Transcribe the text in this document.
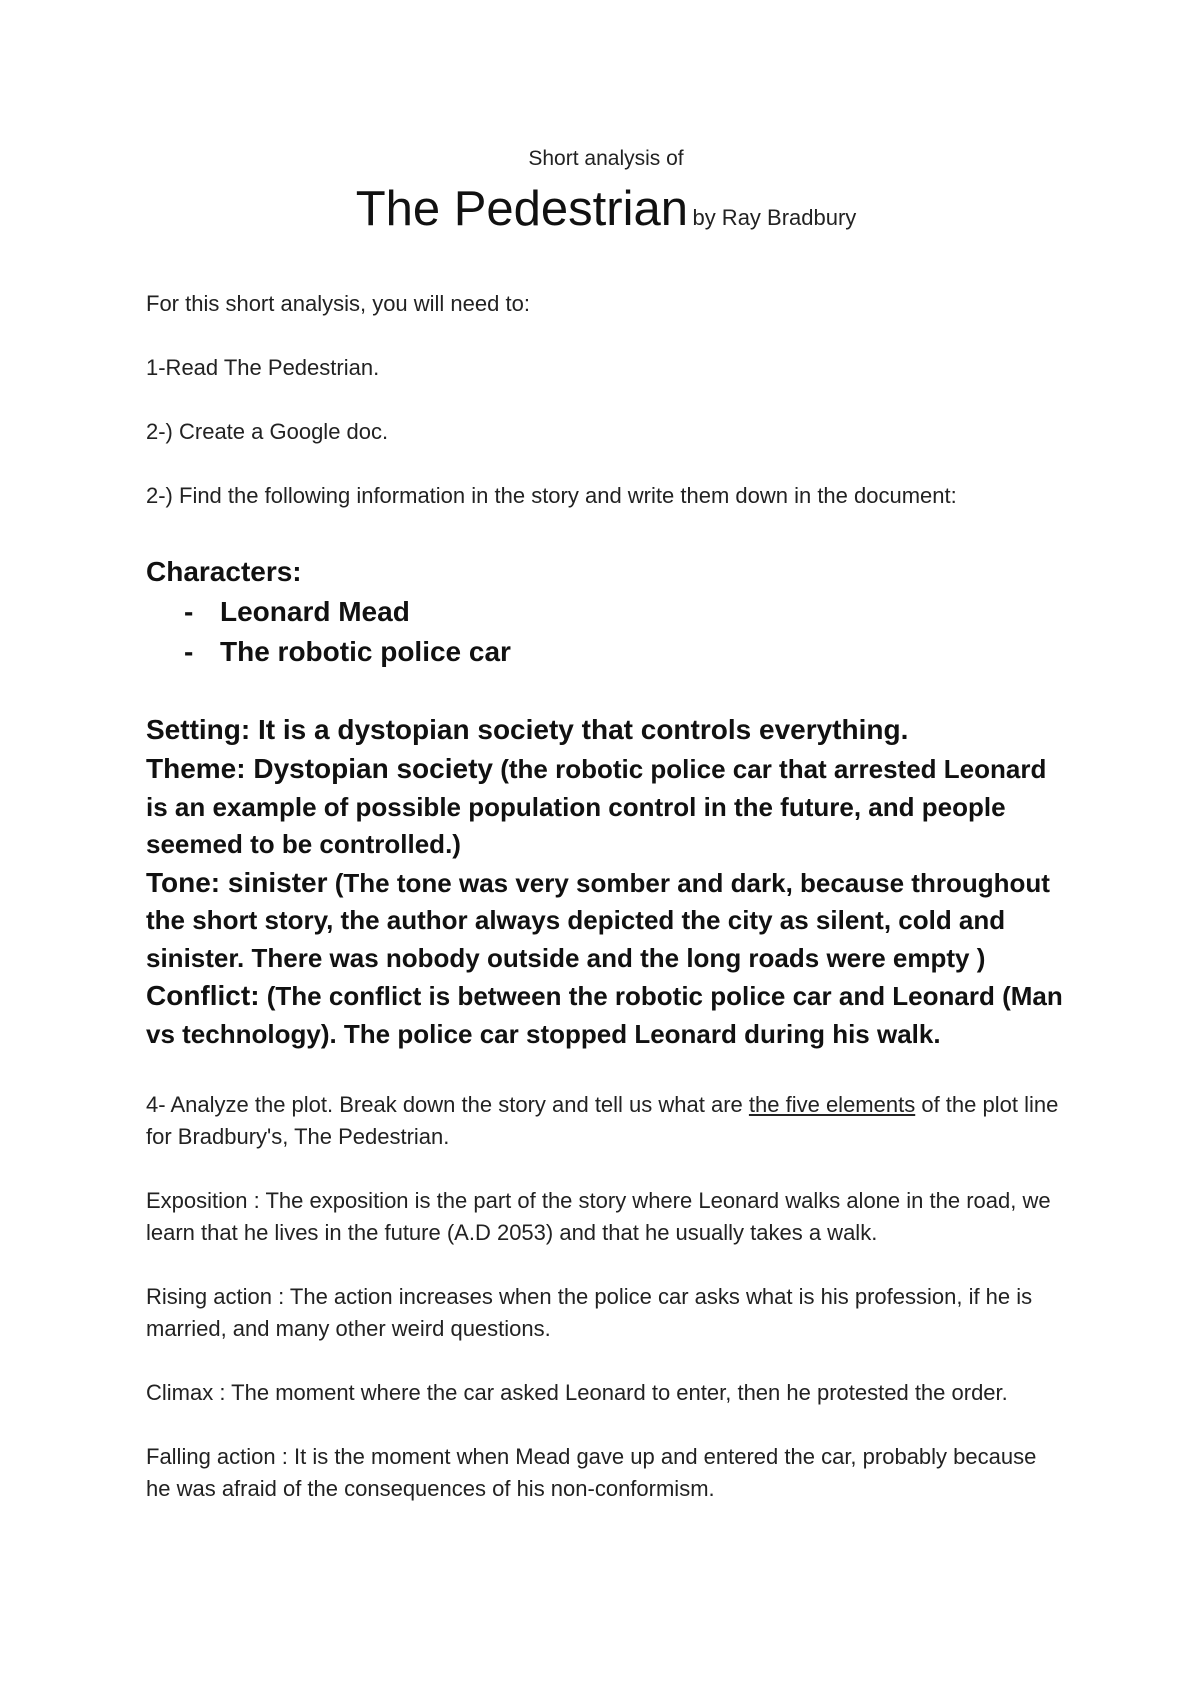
Short analysis of

The Pedestrian by Ray Bradbury

For this short analysis, you will need to:

1-Read The Pedestrian.

2-) Create a Google doc.

2-) Find the following information in the story and write them down in the document:

Characters:
- Leonard Mead
- The robotic police car

Setting: It is a dystopian society that controls everything.

Theme: Dystopian society (the robotic police car that arrested Leonard is an example of possible population control in the future, and people seemed to be controlled.)

Tone: sinister (The tone was very somber and dark, because throughout the short story, the author always depicted the city as silent, cold and sinister. There was nobody outside and the long roads were empty )

Conflict: (The conflict is between the robotic police car and Leonard (Man vs technology). The police car stopped Leonard during his walk.

4- Analyze the plot. Break down the story and tell us what are the five elements of the plot line for Bradbury's, The Pedestrian.

Exposition : The exposition is the part of the story where Leonard walks alone in the road, we learn that he lives in the future (A.D 2053) and that he usually takes a walk.

Rising action : The action increases when the police car asks what is his profession, if he is married, and many other weird questions.

Climax : The moment where the car asked Leonard to enter, then he protested the order.

Falling action : It is the moment when Mead gave up and entered the car, probably because he was afraid of the consequences of his non-conformism.
